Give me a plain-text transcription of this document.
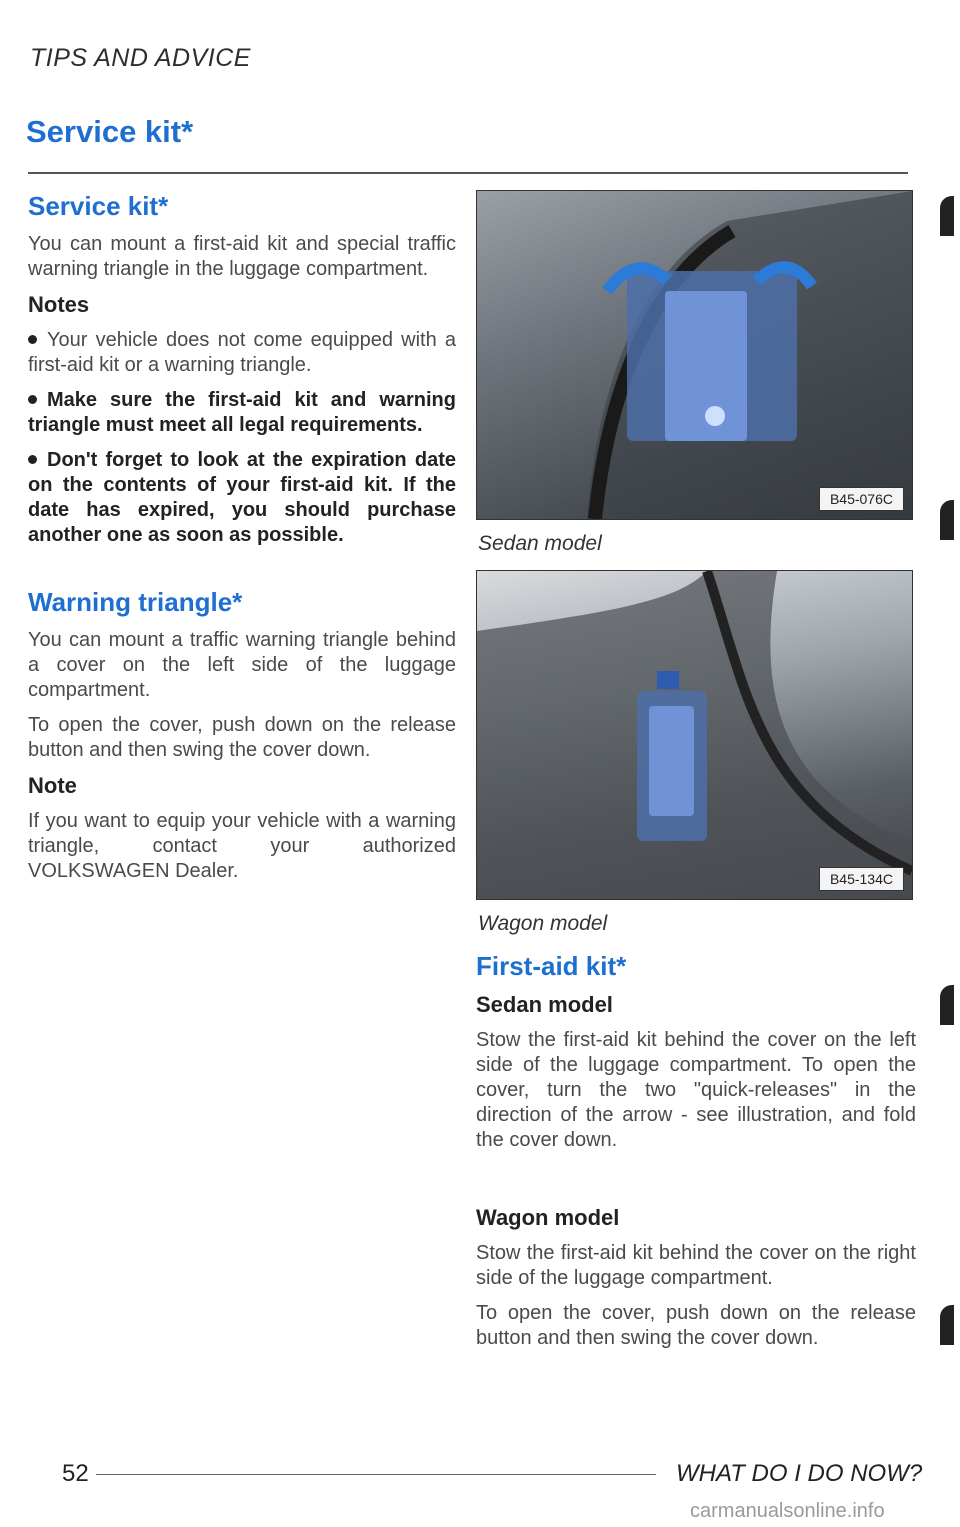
TIPS AND ADVICE
Service kit*
Service kit*

You can mount a first-aid kit and special traffic warning triangle in the luggage compartment.

Notes

Your vehicle does not come equipped with a first-aid kit or a warning triangle.

Make sure the first-aid kit and warning triangle must meet all legal requirements.

Don't forget to look at the expiration date on the contents of your first-aid kit. If the date has expired, you should purchase another one as soon as possible.

Warning triangle*

You can mount a traffic warning triangle behind a cover on the left side of the luggage compartment.

To open the cover, push down on the release button and then swing the cover down.

Note

If you want to equip your vehicle with a warning triangle, contact your authorized VOLKSWAGEN Dealer.

B45-076C
Sedan model
B45-134C
Wagon model
First-aid kit*
Sedan model

Stow the first-aid kit behind the cover on the left side of the luggage compartment. To open the cover, turn the two "quick-releases" in the direction of the arrow - see illustration, and fold the cover down.

Wagon model

Stow the first-aid kit behind the cover on the right side of the luggage compartment.

To open the cover, push down on the release button and then swing the cover down.

52	WHAT DO I DO NOW?
carmanualsonline.info
